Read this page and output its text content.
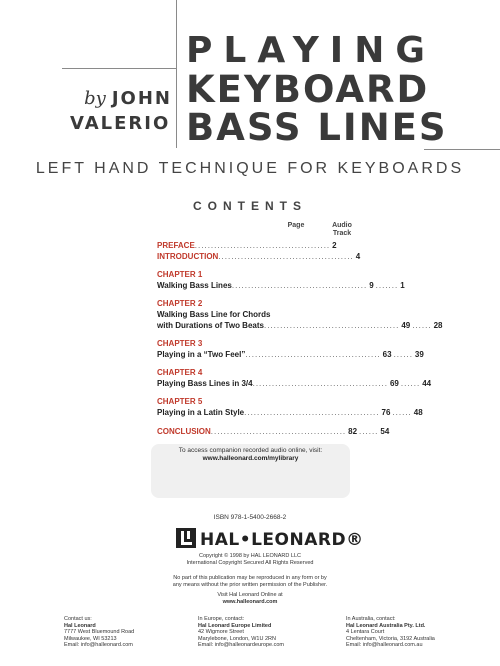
PLAYING
KEYBOARD
BASS LINES
by JOHN
VALERIO
LEFT HAND TECHNIQUE FOR KEYBOARDS
CONTENTS
Page	Audio Track
PREFACE .......................................... 2
INTRODUCTION .......................................... 4
CHAPTER 1
Walking Bass Lines .......................................... 9 ....... 1
CHAPTER 2
Walking Bass Line for Chords
with Durations of Two Beats .......................................... 49 ...... 28
CHAPTER 3
Playing in a “Two Feel” .......................................... 63 ...... 39
CHAPTER 4
Playing Bass Lines in 3/4 .......................................... 69 ...... 44
CHAPTER 5
Playing in a Latin Style .......................................... 76 ...... 48
CONCLUSION .......................................... 82 ...... 54
To access companion recorded audio online, visit:
www.halleonard.com/mylibrary
ISBN 978-1-5400-2668-2
HAL•LEONARD®
Copyright © 1998 by HAL LEONARD LLC
International Copyright Secured All Rights Reserved
No part of this publication may be reproduced in any form or by
any means without the prior written permission of the Publisher.
Visit Hal Leonard Online at
www.halleonard.com
Contact us:
Hal Leonard
7777 West Bluemound Road
Milwaukee, WI 53213
Email: info@halleonard.com
In Europe, contact:
Hal Leonard Europe Limited
42 Wigmore Street
Marylebone, London, W1U 2RN
Email: info@halleonardeurope.com
In Australia, contact:
Hal Leonard Australia Pty. Ltd.
4 Lentara Court
Cheltenham, Victoria, 3192 Australia
Email: info@halleonard.com.au
